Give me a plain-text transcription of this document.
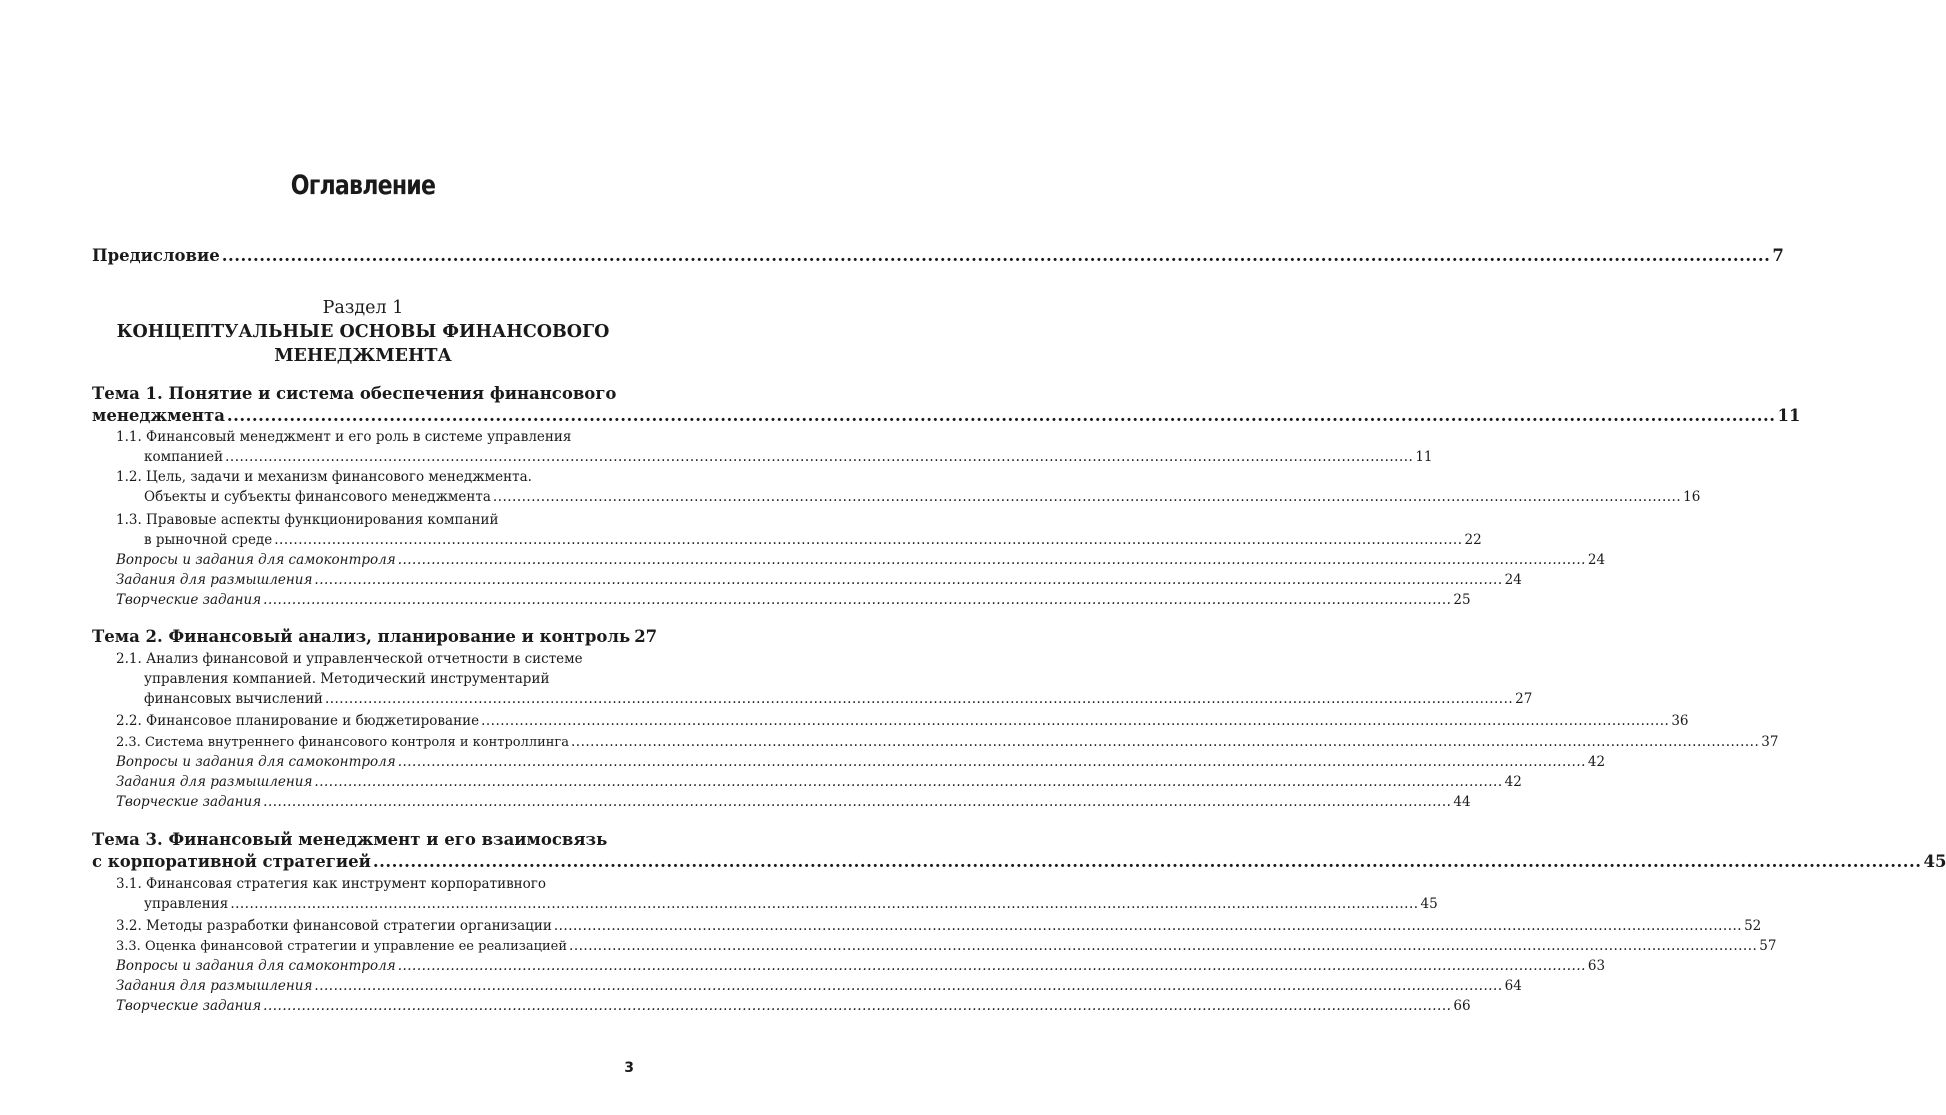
Оглавление
Предисловие .....	7
Раздел 1
КОНЦЕПТУАЛЬНЫЕ ОСНОВЫ ФИНАНСОВОГО
МЕНЕДЖМЕНТА
Тема 1. Понятие и система обеспечения финансового
менеджмента .....	11
1.1. Финансовый менеджмент и его роль в системе управления
компанией .....	11
1.2. Цель, задачи и механизм финансового менеджмента.
Объекты и субъекты финансового менеджмента .....	16
1.3. Правовые аспекты функционирования компаний
в рыночной среде .....	22
Вопросы и задания для самоконтроля .....	24
Задания для размышления .....	24
Творческие задания .....	25
Тема 2. Финансовый анализ, планирование и контроль 27
2.1. Анализ финансовой и управленческой отчетности в системе
управления компанией. Методический инструментарий
финансовых вычислений .....	27
2.2. Финансовое планирование и бюджетирование .....	36
2.3. Система внутреннего финансового контроля и контроллинга .....	37
Вопросы и задания для самоконтроля .....	42
Задания для размышления .....	42
Творческие задания .....	44
Тема 3. Финансовый менеджмент и его взаимосвязь
с корпоративной стратегией .....	45
3.1. Финансовая стратегия как инструмент корпоративного
управления .....	45
3.2. Методы разработки финансовой стратегии организации .....	52
3.3. Оценка финансовой стратегии и управление ее реализацией .....	57
Вопросы и задания для самоконтроля .....	63
Задания для размышления .....	64
Творческие задания .....	66
3
